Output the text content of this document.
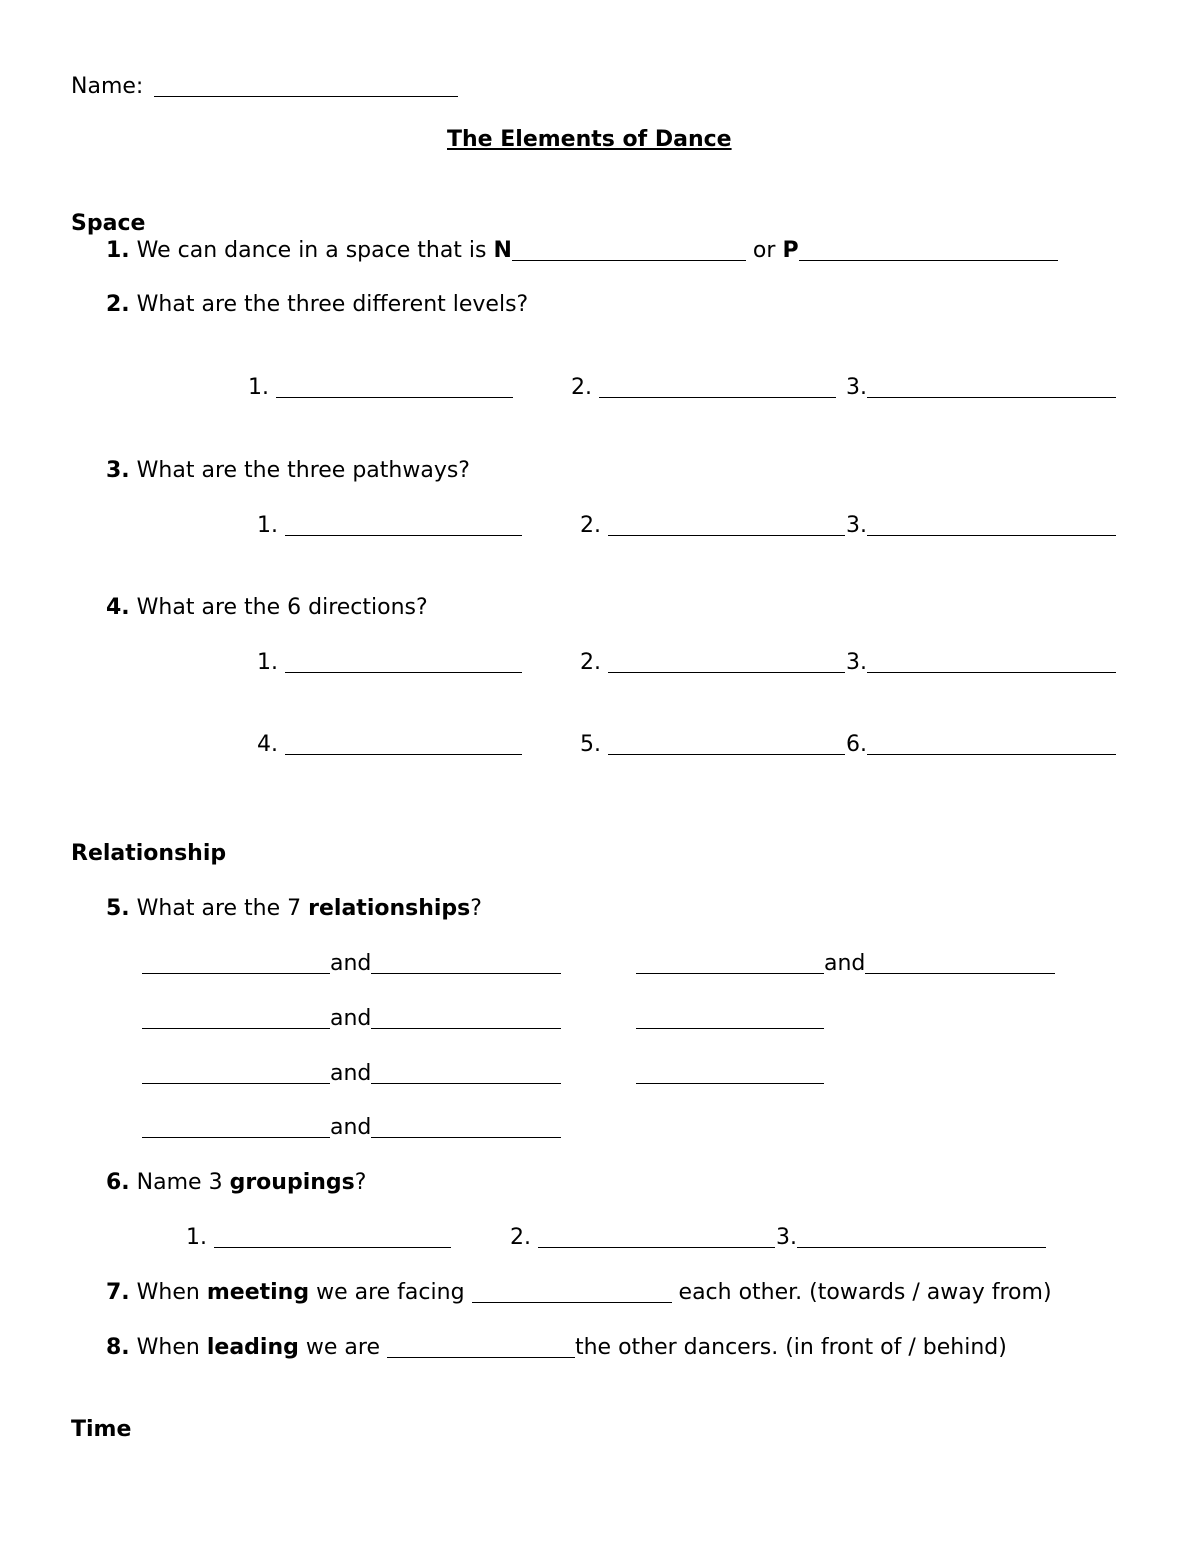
Name:
The Elements of Dance
Space
1. We can dance in a space that is N	or P
2. What are the three different levels?
1.	2.	3.
3. What are the three pathways?
1.	2.	3.
4. What are the 6 directions?
1.	2.	3.
4.	5.	6.
Relationship
5. What are the 7 relationships?
and	and
and
and
and
6. Name 3 groupings?
1.	2.	3.
7. When meeting we are facing	each other. (towards / away from)
8. When leading we are	the other dancers. (in front of / behind)
Time
